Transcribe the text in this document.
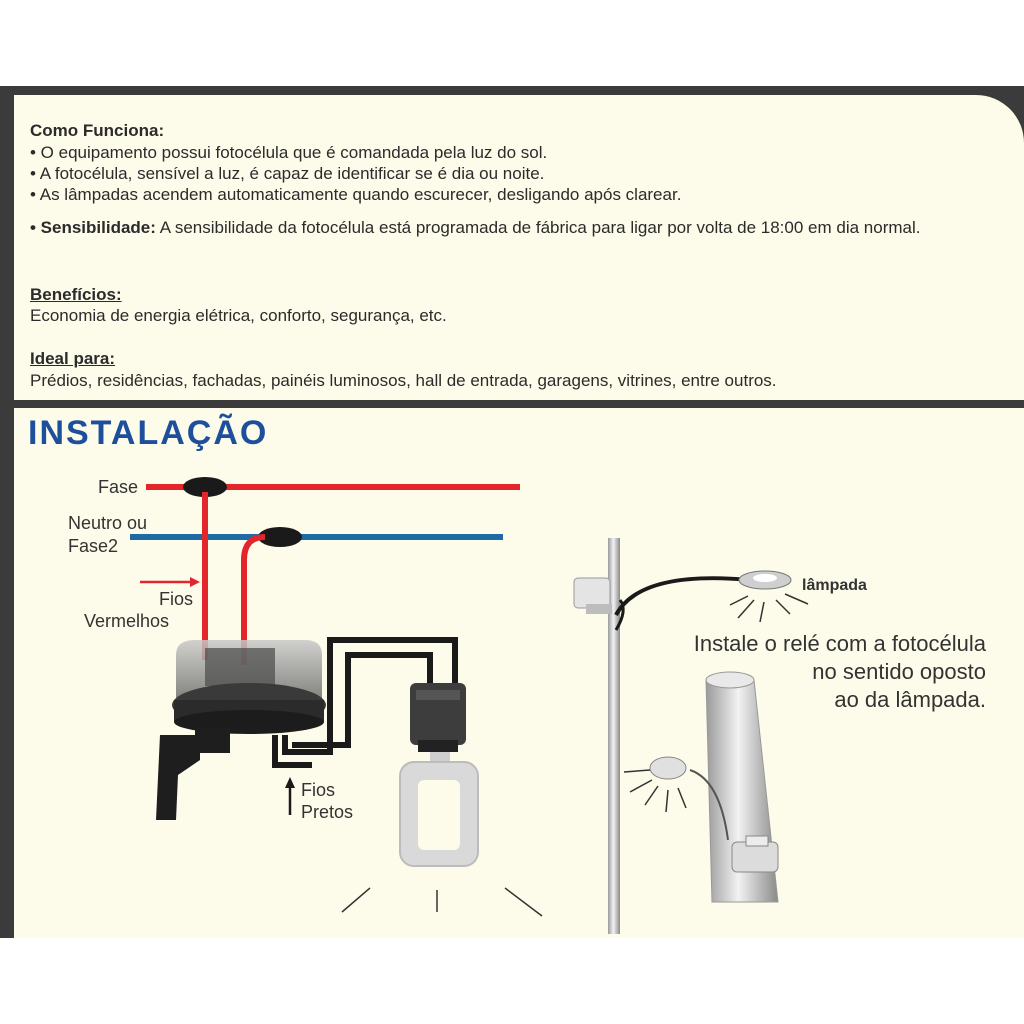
Como Funciona:
• O equipamento possui fotocélula que é comandada pela luz do sol.
• A fotocélula, sensível a luz, é capaz de identificar se é dia ou noite.
• As lâmpadas acendem automaticamente quando escurecer, desligando após clarear.
• Sensibilidade: A sensibilidade da fotocélula está programada de fábrica para ligar por volta de 18:00 em dia normal.
Benefícios:
Economia de energia elétrica, conforto, segurança, etc.
Ideal para:
Prédios, residências, fachadas, painéis luminosos, hall de entrada, garagens, vitrines, entre outros.
INSTALAÇÃO
Fase
Neutro ou
Fase2
Fios
Vermelhos
Fios
Pretos
lâmpada
Instale o relé com a fotocélula
no sentido oposto
ao da lâmpada.
